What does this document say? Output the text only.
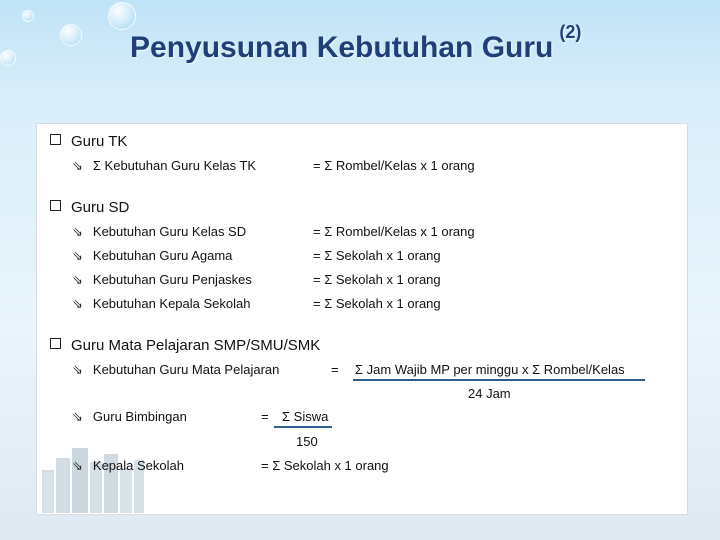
Penyusunan Kebutuhan Guru $^{(2)}$
Guru TK
⇘ Σ Kebutuhan Guru Kelas TK	= Σ Rombel/Kelas x 1 orang
Guru SD
⇘ Kebutuhan Guru Kelas SD	= Σ Rombel/Kelas x 1 orang
⇘ Kebutuhan Guru Agama	= Σ Sekolah x 1 orang
⇘ Kebutuhan Guru Penjaskes	= Σ Sekolah x 1 orang
⇘ Kebutuhan Kepala Sekolah	= Σ Sekolah x 1 orang
Guru Mata Pelajaran SMP/SMU/SMK
⇘ Kebutuhan Guru Mata Pelajaran	= Σ Jam Wajib MP per minggu x Σ Rombel/Kelas
24 Jam
⇘ Guru Bimbingan	= Σ Siswa
150
⇘ Kepala Sekolah	= Σ Sekolah x 1 orang
